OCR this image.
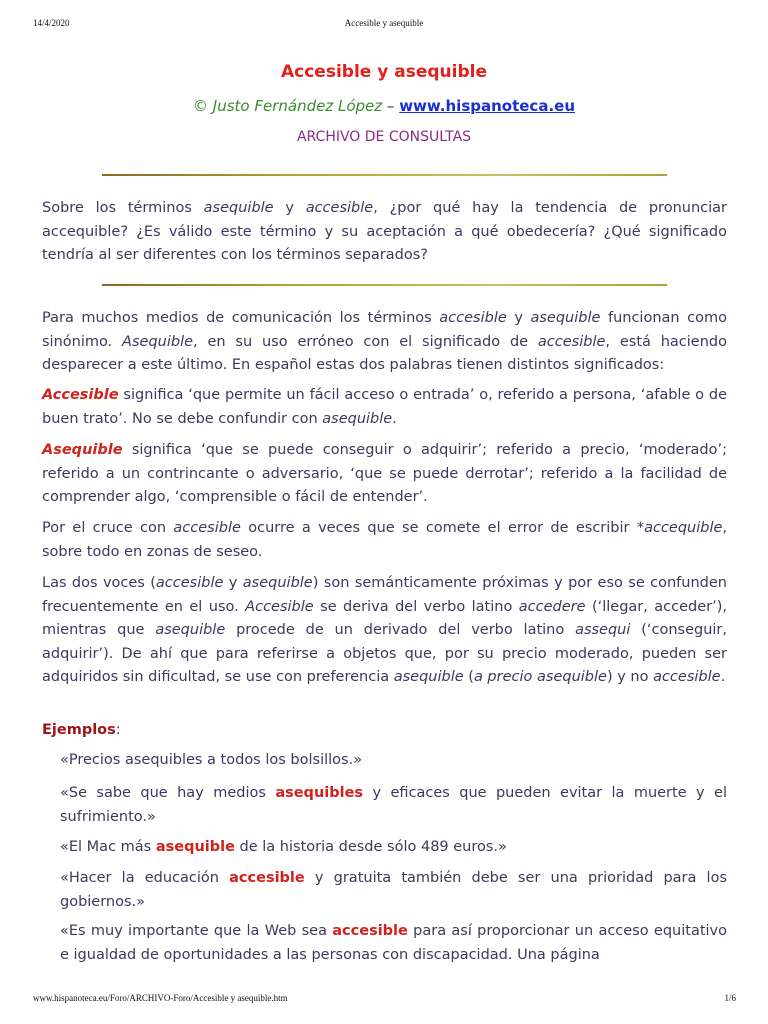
14/4/2020	Accesible y asequible
Accesible y asequible
© Justo Fernández López – www.hispanoteca.eu
ARCHIVO DE CONSULTAS

Sobre los términos asequible y accesible, ¿por qué hay la tendencia de pronunciar accequible? ¿Es válido este término y su aceptación a qué obedecería? ¿Qué significado tendría al ser diferentes con los términos separados?

Para muchos medios de comunicación los términos accesible y asequible funcionan como sinónimo. Asequible, en su uso erróneo con el significado de accesible, está haciendo desparecer a este último. En español estas dos palabras tienen distintos significados:

Accesible significa ‘que permite un fácil acceso o entrada’ o, referido a persona, ‘afable o de buen trato’. No se debe confundir con asequible.

Asequible significa ‘que se puede conseguir o adquirir’; referido a precio, ‘moderado’; referido a un contrincante o adversario, ‘que se puede derrotar’; referido a la facilidad de comprender algo, ‘comprensible o fácil de entender’.

Por el cruce con accesible ocurre a veces que se comete el error de escribir *accequible, sobre todo en zonas de seseo.

Las dos voces (accesible y asequible) son semánticamente próximas y por eso se confunden frecuentemente en el uso. Accesible se deriva del verbo latino accedere (‘llegar, acceder’), mientras que asequible procede de un derivado del verbo latino assequi (‘conseguir, adquirir’). De ahí que para referirse a objetos que, por su precio moderado, pueden ser adquiridos sin dificultad, se use con preferencia asequible (a precio asequible) y no accesible.

Ejemplos:

«Precios asequibles a todos los bolsillos.»

«Se sabe que hay medios asequibles y eficaces que pueden evitar la muerte y el sufrimiento.»

«El Mac más asequible de la historia desde sólo 489 euros.»

«Hacer la educación accesible y gratuita también debe ser una prioridad para los gobiernos.»

«Es muy importante que la Web sea accesible para así proporcionar un acceso equitativo e igualdad de oportunidades a las personas con discapacidad. Una página

www.hispanoteca.eu/Foro/ARCHIVO-Foro/Accesible y asequible.htm	1/6
